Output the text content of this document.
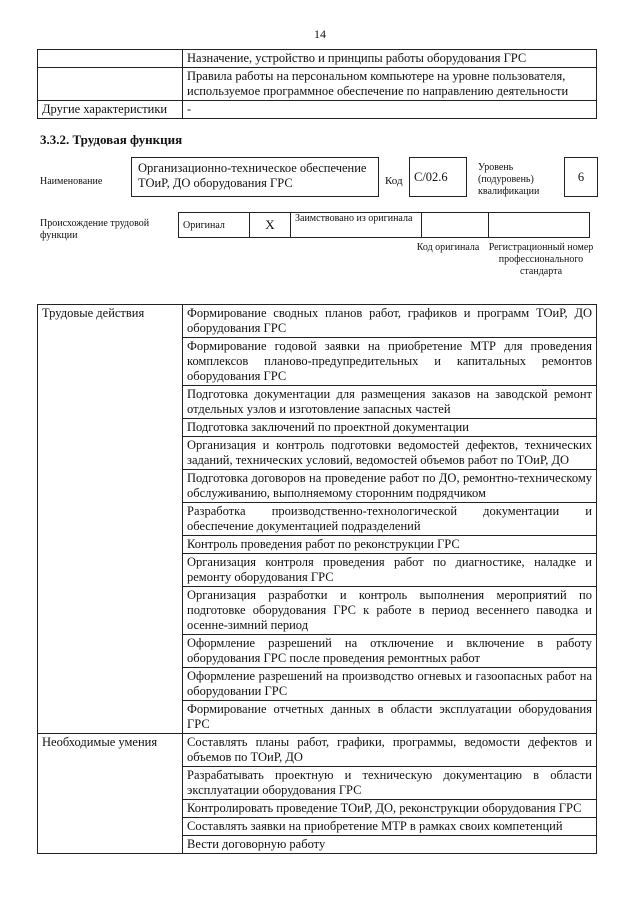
14
	Назначение, устройство и принципы работы оборудования ГРС
	Правила работы на персональном компьютере на уровне пользователя, используемое программное обеспечение по направлению деятельности
Другие характеристики	-
3.3.2. Трудовая функция
Наименование
Организационно-техническое обеспечение ТОиР, ДО оборудования ГРС	Код C/02.6
Уровень (подуровень) квалификации
6
Происхождение трудовой функции
Оригинал	X	Заимствовано из оригинала		
Код оригинала Регистрационный номер профессионального стандарта
Трудовые действия	Формирование сводных планов работ, графиков и программ ТОиР, ДО оборудования ГРС
	Формирование годовой заявки на приобретение МТР для проведения комплексов планово-предупредительных и капитальных ремонтов оборудования ГРС
	Подготовка документации для размещения заказов на заводской ремонт отдельных узлов и изготовление запасных частей
	Подготовка заключений по проектной документации
	Организация и контроль подготовки ведомостей дефектов, технических заданий, технических условий, ведомостей объемов работ по ТОиР, ДО
	Подготовка договоров на проведение работ по ДО, ремонтно-техническому обслуживанию, выполняемому сторонним подрядчиком
	Разработка производственно-технологической документации и обеспечение документацией подразделений
	Контроль проведения работ по реконструкции ГРС
	Организация контроля проведения работ по диагностике, наладке и ремонту оборудования ГРС
	Организация разработки и контроль выполнения мероприятий по подготовке оборудования ГРС к работе в период весеннего паводка и осенне-зимний период
	Оформление разрешений на отключение и включение в работу оборудования ГРС после проведения ремонтных работ
	Оформление разрешений на производство огневых и газоопасных работ на оборудовании ГРС
	Формирование отчетных данных в области эксплуатации оборудования ГРС
Необходимые умения	Составлять планы работ, графики, программы, ведомости дефектов и объемов по ТОиР, ДО
	Разрабатывать проектную и техническую документацию в области эксплуатации оборудования ГРС
	Контролировать проведение ТОиР, ДО, реконструкции оборудования ГРС
	Составлять заявки на приобретение МТР в рамках своих компетенций
	Вести договорную работу
